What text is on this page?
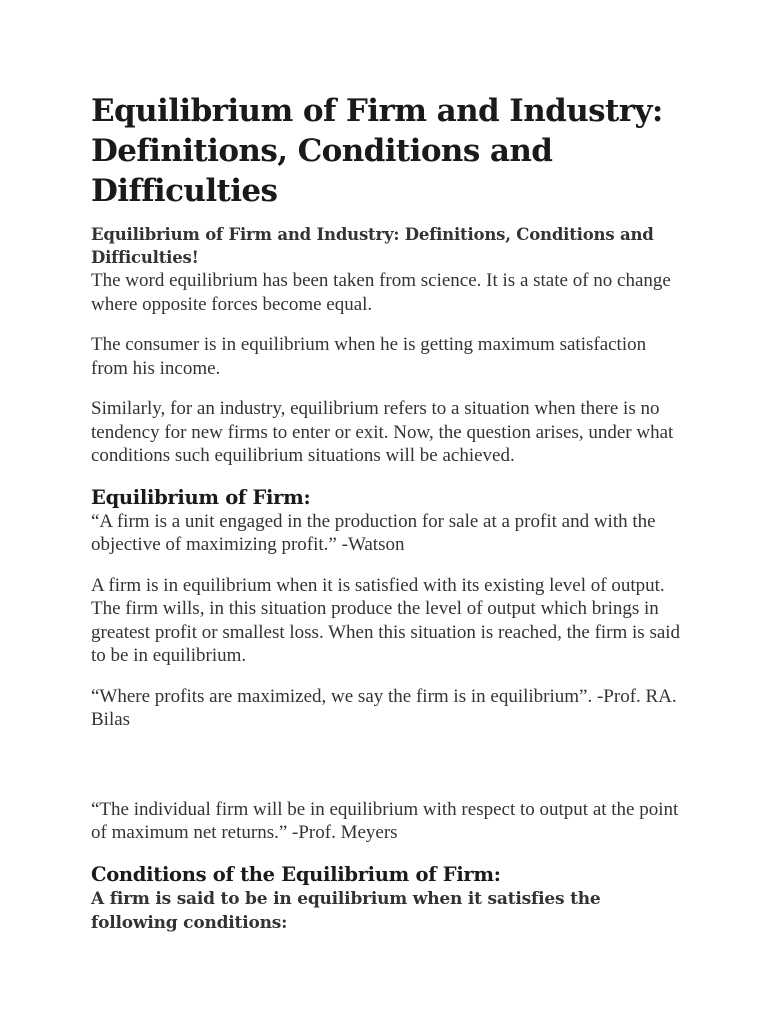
Equilibrium of Firm and Industry: Definitions, Conditions and Difficulties

Equilibrium of Firm and Industry: Definitions, Conditions and Difficulties!

The word equilibrium has been taken from science. It is a state of no change where opposite forces become equal.

The consumer is in equilibrium when he is getting maximum satisfaction from his income.

Similarly, for an industry, equilibrium refers to a situation when there is no tendency for new firms to enter or exit. Now, the question arises, under what conditions such equilibrium situations will be achieved.

Equilibrium of Firm:

“A firm is a unit engaged in the production for sale at a profit and with the objective of maximizing profit.” -Watson

A firm is in equilibrium when it is satisfied with its existing level of output. The firm wills, in this situation produce the level of output which brings in greatest profit or smallest loss. When this situation is reached, the firm is said to be in equilibrium.

“Where profits are maximized, we say the firm is in equilibrium”. -Prof. RA. Bilas

“The individual firm will be in equilibrium with respect to output at the point of maximum net returns.” -Prof. Meyers

Conditions of the Equilibrium of Firm:

A firm is said to be in equilibrium when it satisfies the following conditions:
